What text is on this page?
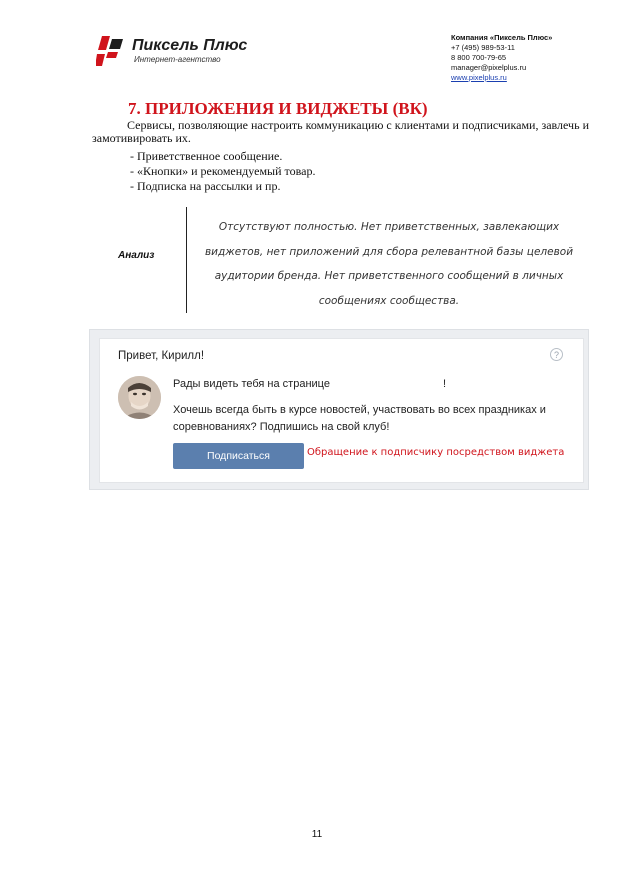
Пиксель Плюс
Интернет-агентство
Компания «Пиксель Плюс»
+7 (495) 989-53-11
8 800 700-79-65
manager@pixelplus.ru
www.pixelplus.ru
7. ПРИЛОЖЕНИЯ И ВИДЖЕТЫ (ВК)

Сервисы, позволяющие настроить коммуникацию с клиентами и подписчиками, завлечь и замотивировать их.

- Приветственное сообщение.
- «Кнопки» и рекомендуемый товар.
- Подписка на рассылки и пр.
Анализ

Отсутствуют полностью. Нет приветственных, завлекающих виджетов, нет приложений для сбора релевантной базы целевой аудитории бренда. Нет приветственного сообщений в личных сообщениях сообщества.

Привет, Кирилл!	?
Рады видеть тебя на странице	!
Хочешь всегда быть в курсе новостей, участвовать во всех праздниках и соревнованиях? Подпишись на свой клуб!
Подписаться	Обращение к подписчику посредством виджета
11
